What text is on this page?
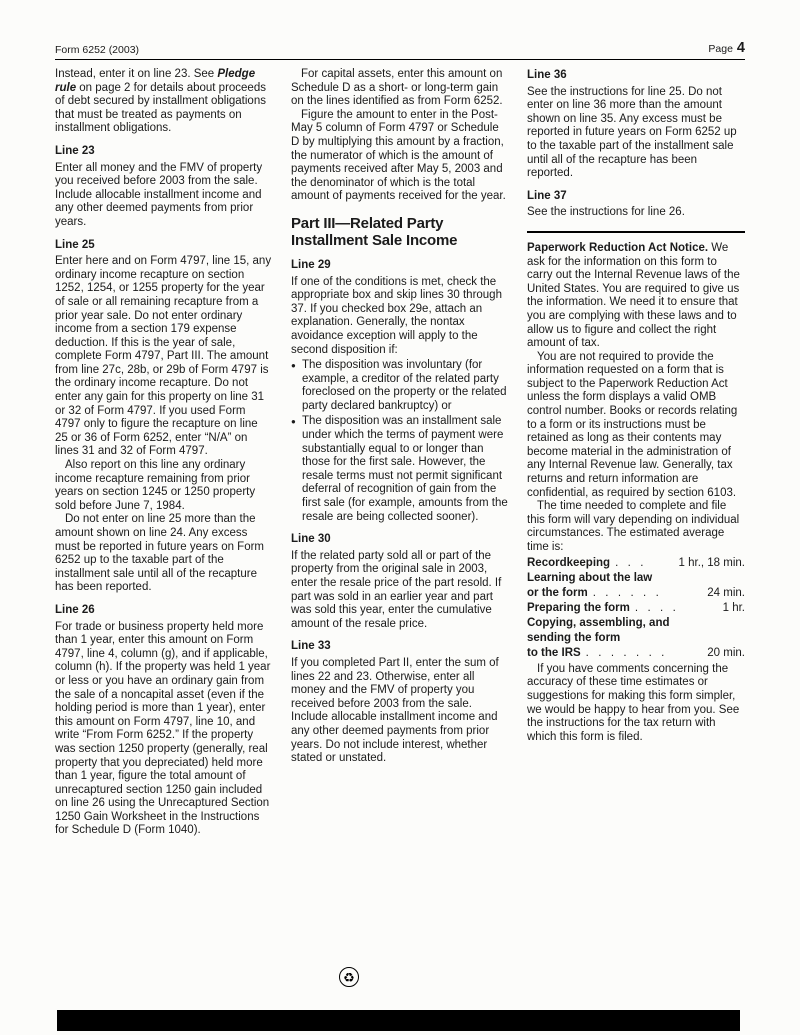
Form 6252 (2003)	Page 4

Instead, enter it on line 23. See Pledge rule on page 2 for details about proceeds of debt secured by installment obligations that must be treated as payments on installment obligations.

Line 23

Enter all money and the FMV of property you received before 2003 from the sale. Include allocable installment income and any other deemed payments from prior years.

Line 25

Enter here and on Form 4797, line 15, any ordinary income recapture on section 1252, 1254, or 1255 property for the year of sale or all remaining recapture from a prior year sale. Do not enter ordinary income from a section 179 expense deduction. If this is the year of sale, complete Form 4797, Part III. The amount from line 27c, 28b, or 29b of Form 4797 is the ordinary income recapture. Do not enter any gain for this property on line 31 or 32 of Form 4797. If you used Form 4797 only to figure the recapture on line 25 or 36 of Form 6252, enter “N/A” on lines 31 and 32 of Form 4797.

Also report on this line any ordinary income recapture remaining from prior years on section 1245 or 1250 property sold before June 7, 1984.

Do not enter on line 25 more than the amount shown on line 24. Any excess must be reported in future years on Form 6252 up to the taxable part of the installment sale until all of the recapture has been reported.

Line 26

For trade or business property held more than 1 year, enter this amount on Form 4797, line 4, column (g), and if applicable, column (h). If the property was held 1 year or less or you have an ordinary gain from the sale of a noncapital asset (even if the holding period is more than 1 year), enter this amount on Form 4797, line 10, and write “From Form 6252.” If the property was section 1250 property (generally, real property that you depreciated) held more than 1 year, figure the total amount of unrecaptured section 1250 gain included on line 26 using the Unrecaptured Section 1250 Gain Worksheet in the Instructions for Schedule D (Form 1040).

For capital assets, enter this amount on Schedule D as a short- or long-term gain on the lines identified as from Form 6252.

Figure the amount to enter in the Post-May 5 column of Form 4797 or Schedule D by multiplying this amount by a fraction, the numerator of which is the amount of payments received after May 5, 2003 and the denominator of which is the total amount of payments received for the year.

Part III—Related Party Installment Sale Income
Line 29

If one of the conditions is met, check the appropriate box and skip lines 30 through 37. If you checked box 29e, attach an explanation. Generally, the nontax avoidance exception will apply to the second disposition if:

● The disposition was involuntary (for example, a creditor of the related party foreclosed on the property or the related party declared bankruptcy) or
● The disposition was an installment sale under which the terms of payment were substantially equal to or longer than those for the first sale. However, the resale terms must not permit significant deferral of recognition of gain from the first sale (for example, amounts from the resale are being collected sooner).
Line 30

If the related party sold all or part of the property from the original sale in 2003, enter the resale price of the part resold. If part was sold in an earlier year and part was sold this year, enter the cumulative amount of the resale price.

Line 33

If you completed Part II, enter the sum of lines 22 and 23. Otherwise, enter all money and the FMV of property you received before 2003 from the sale. Include allocable installment income and any other deemed payments from prior years. Do not include interest, whether stated or unstated.

Line 36

See the instructions for line 25. Do not enter on line 36 more than the amount shown on line 35. Any excess must be reported in future years on Form 6252 up to the taxable part of the installment sale until all of the recapture has been reported.

Line 37

See the instructions for line 26.

Paperwork Reduction Act Notice. We ask for the information on this form to carry out the Internal Revenue laws of the United States. You are required to give us the information. We need it to ensure that you are complying with these laws and to allow us to figure and collect the right amount of tax.

You are not required to provide the information requested on a form that is subject to the Paperwork Reduction Act unless the form displays a valid OMB control number. Books or records relating to a form or its instructions must be retained as long as their contents may become material in the administration of any Internal Revenue law. Generally, tax returns and return information are confidential, as required by section 6103.

The time needed to complete and file this form will vary depending on individual circumstances. The estimated average time is:

Recordkeeping .  .  .	1 hr., 18 min.
Learning about the law
or the form .  .  .  .  .  .	24 min.
Preparing the form .  .  .  .	1 hr.
Copying, assembling, and
sending the form
to the IRS .  .  .  .  .  .  .	20 min.

If you have comments concerning the accuracy of these time estimates or suggestions for making this form simpler, we would be happy to hear from you. See the instructions for the tax return with which this form is filed.

♻
